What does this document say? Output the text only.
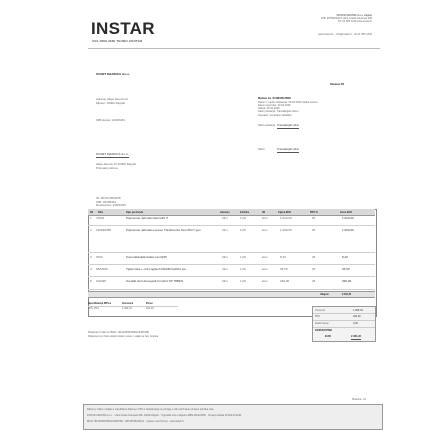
INSTAR
VAŠ OMILJENI TEHNO CENTAR
INSTAR CENTAR d.o.o. Zagreb
OIB: 98765432101 Ulica Grada Vukovara 269
Tel: 01 555 1234 www.instar.hr
www.instar.hr · info@instar.hr · tel 01 555 1234
SVIJET MAŠKICA d.o.o.
Obrazac R1
Adresa: Aleja Javora 13
Mjesto: 10000 Zagreb
OIB kupca: 22345461
Račun br. 5136/05/4506
Datum i mjesto izdavanja: 20.03.2025 Velika Gorica
Datum isporuke: 20.03.2025
Valuta: 20.03.2025
Način plaćanja: Transakcijski račun
Operater: Centralno skladište
Način plaćanja Transakcijski račun
Način	Transakcijski račun
SVIJET MAŠKICA d.o.o.
Aleja Javora 13 10000 Zagreb
Primatelj računa
ID: 4872/135/2025
OIB: 22345461
Dostavnica: 135/24/25
Rb Šifra	Opis proizvoda	Jamstvo	Količina	JM	Cijena EUR	PDV %	Iznos EUR
1 70001	Prijenosno računalo Dell G15 i7	24m	1,00	kom	1.029,00	25	1.029,00
2 190030088	Prijenosno računalo Lenovo ThinkCentre Neo 50t i7 gen	24m	1,00	kom	1.099,00	25	1.099,00
3 3043	Komunikacijski kabel Lan Rj45	24m	1,00	kom	8,40	25	8,40
4 6822396	Tipkovnica + miš Logitech MK235 bežični set	24m	1,00	kom	25,90	25	25,90
5 100495	Uredski stol Honeywell Comfort XP 7889/S	24m	1,00	kom	299,00	25	299,00
Ukupno	2.461,30
Specifikacija PDV-a	Osnovica	Porez
PDV 25%	1.969,04	492,26
Osnovica	1.969,04
PDV	492,26
Zaokruženje	0,00
SVEUKUPNO
EUR	2.461,30
Plaćanje izvršiti na IBAN: HR1234567890123456789
Dokument je izdan elektronskim putem i valjan je bez potpisa
Stranica: 1/1
Račun je izdan u skladu s odredbama Zakona o PDV-u. Reklamacije se primaju u roku od 8 dana od dana primitka robe.
INSTAR CENTAR d.o.o. · Ulica Grada Vukovara 269, 10000 Zagreb · Trgovački sud u Zagrebu MBS 080123456 · Temeljni kapital 20.000,00 EUR
IBAN: HR1234567890123456789 · OIB 98765432101 · Uprava: Ivan Horvat · www.instar.hr
